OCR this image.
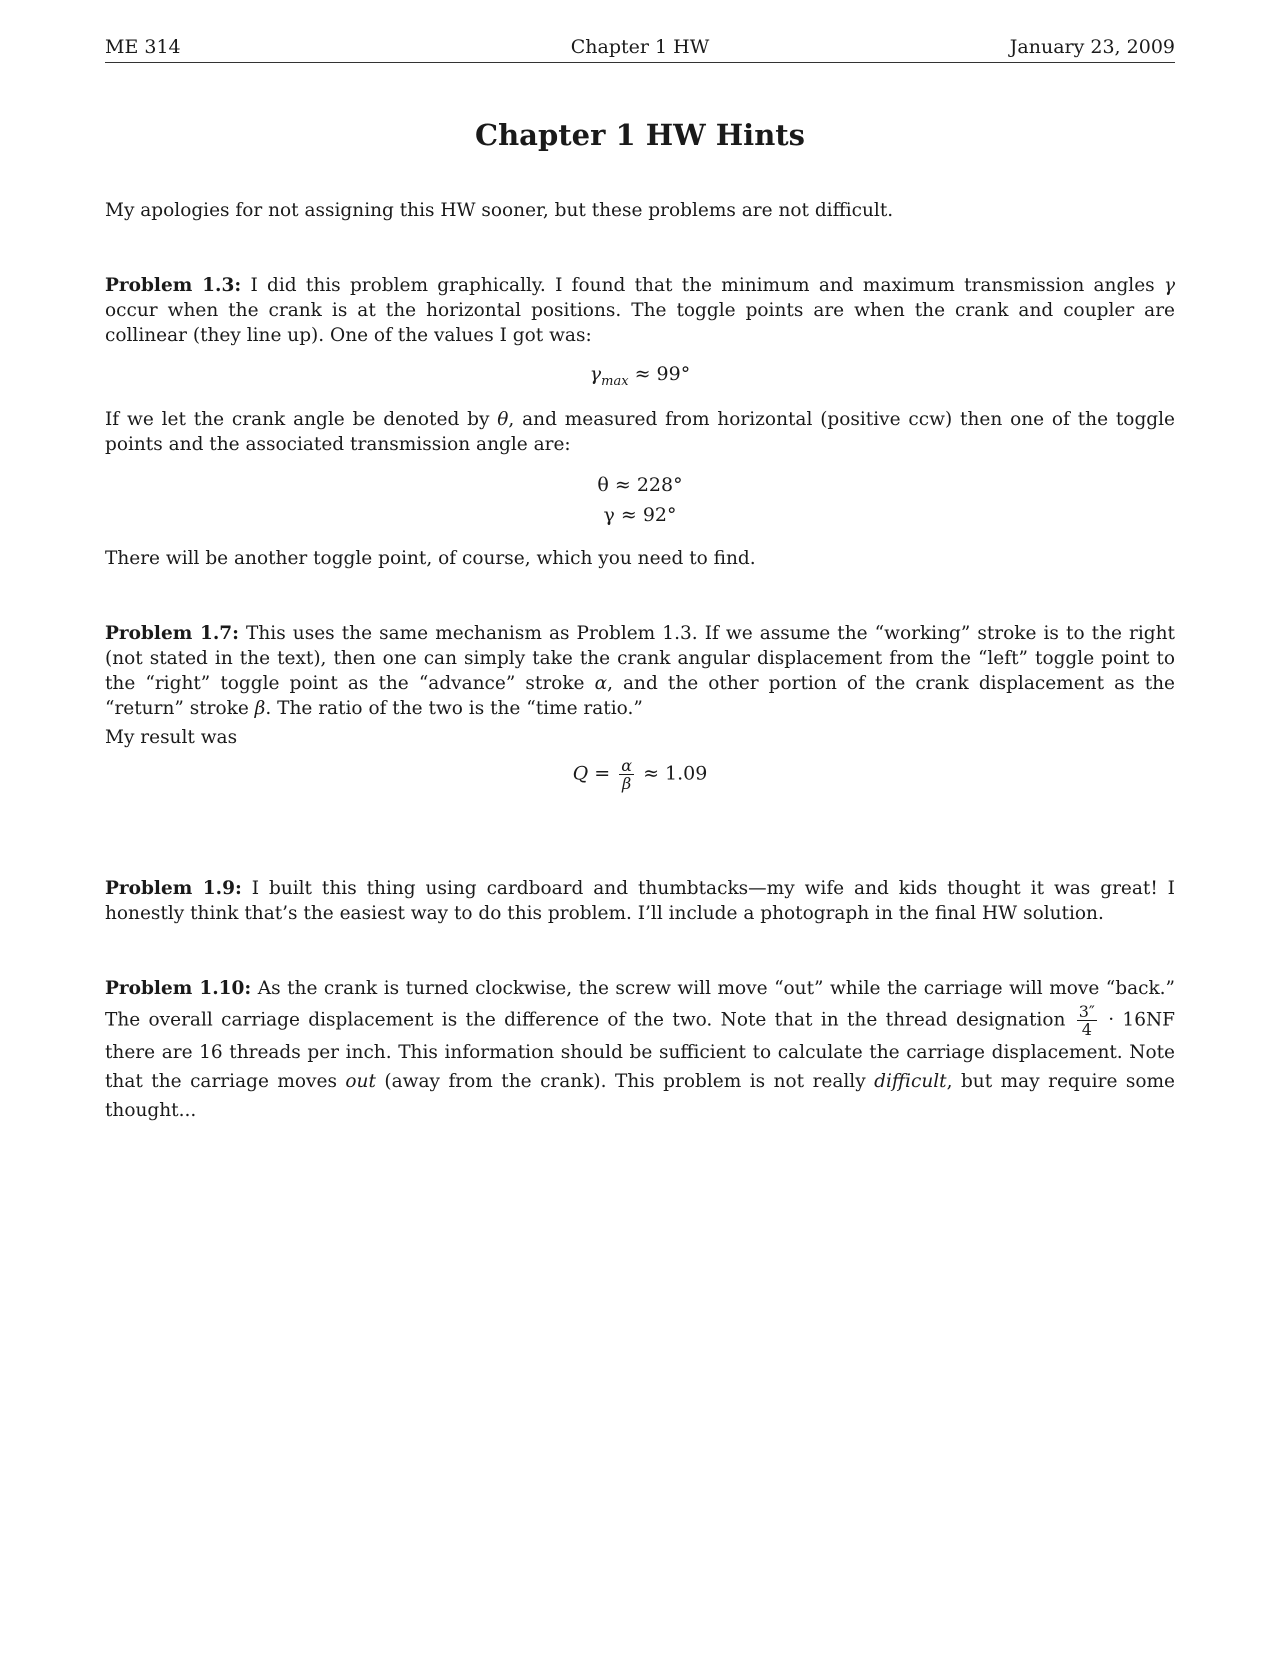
ME 314	Chapter 1 HW	January 23, 2009
Chapter 1 HW Hints

My apologies for not assigning this HW sooner, but these problems are not difficult.

Problem 1.3: I did this problem graphically. I found that the minimum and maximum transmission angles γ occur when the crank is at the horizontal positions. The toggle points are when the crank and coupler are collinear (they line up). One of the values I got was:

$\gamma_{max} \approx 99^\circ$

If we let the crank angle be denoted by θ, and measured from horizontal (positive ccw) then one of the toggle points and the associated transmission angle are:

θ ≈ 228°
γ ≈ 92°

There will be another toggle point, of course, which you need to find.

Problem 1.7: This uses the same mechanism as Problem 1.3. If we assume the “working” stroke is to the right (not stated in the text), then one can simply take the crank angular displacement from the “left” toggle point to the “right” toggle point as the “advance” stroke α, and the other portion of the crank displacement as the “return” stroke β. The ratio of the two is the “time ratio.”

My result was

$Q = \frac{\alpha}{\beta} \approx 1.09$

Problem 1.9: I built this thing using cardboard and thumbtacks—my wife and kids thought it was great! I honestly think that’s the easiest way to do this problem. I’ll include a photograph in the final HW solution.

Problem 1.10: As the crank is turned clockwise, the screw will move “out” while the carriage will move “back.” The overall carriage displacement is the difference of the two. Note that in the thread designation $\frac{3''}{4} \cdot 16NF$ there are 16 threads per inch. This information should be sufficient to calculate the carriage displacement. Note that the carriage moves out (away from the crank). This problem is not really difficult, but may require some thought...
